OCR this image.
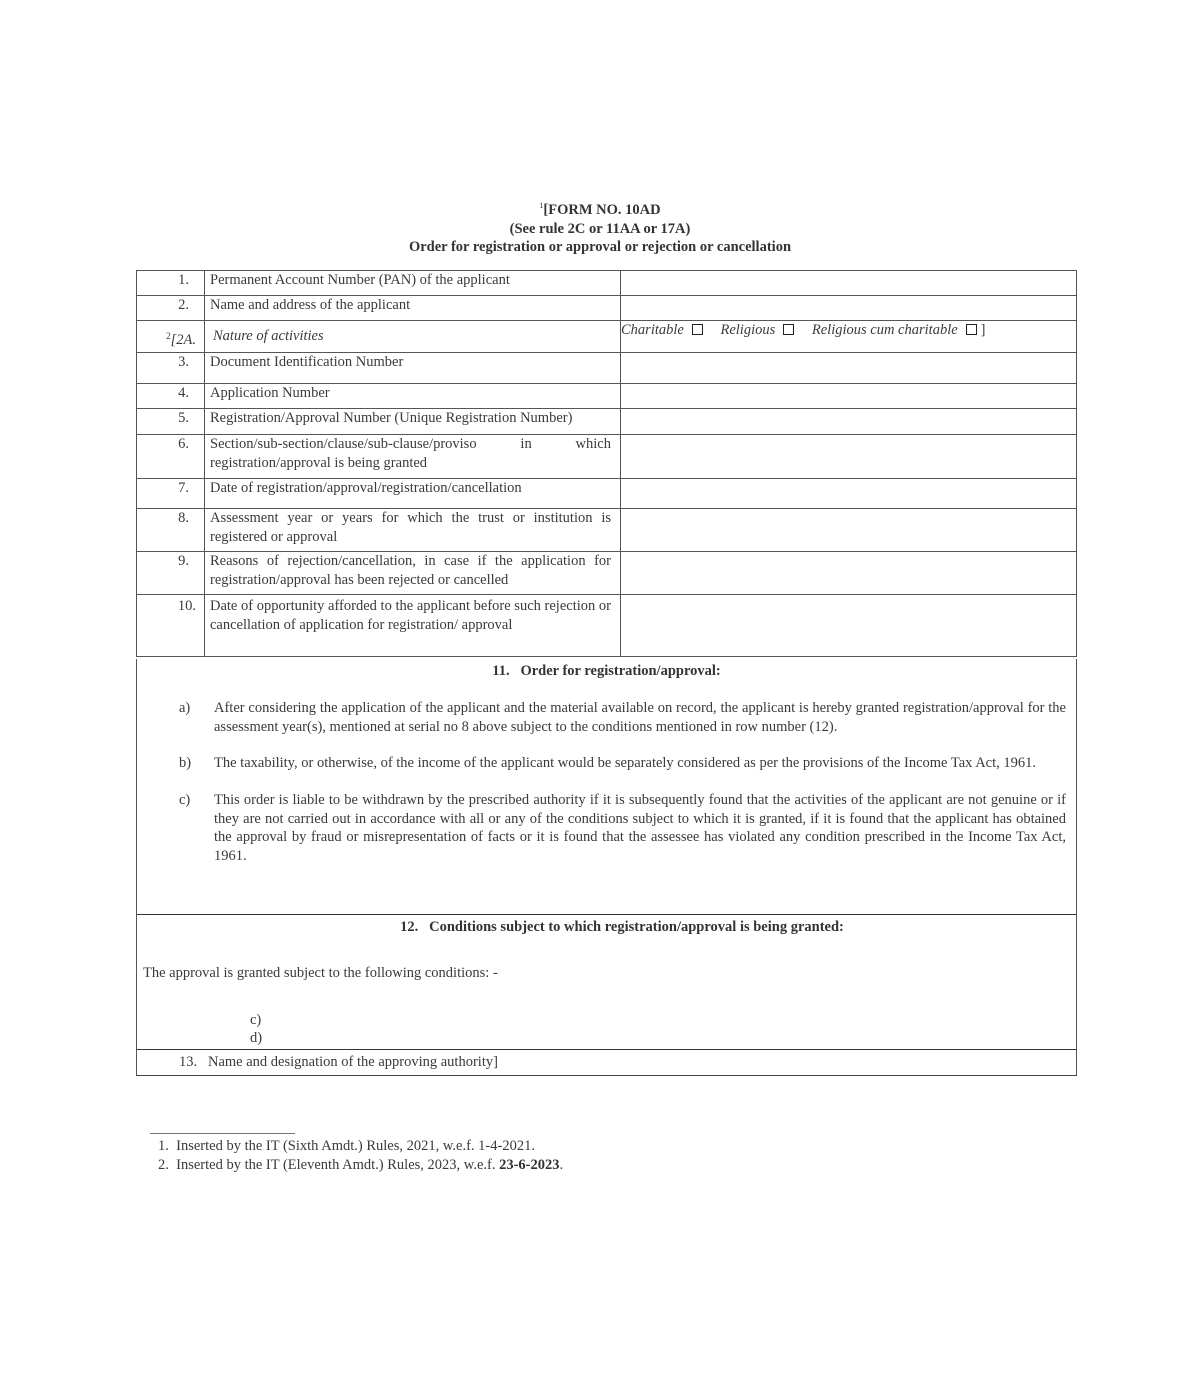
$^1$[FORM NO. 10AD
(See rule 2C or 11AA or 17A)
Order for registration or approval or rejection or cancellation
1.	Permanent Account Number (PAN) of the applicant	
2.	Name and address of the applicant	
$^2$[2A.	Nature of activities	Charitable Religious Religious cum charitable ]
3.	Document Identification Number	
4.	Application Number	
5.	Registration/Approval Number (Unique Registration Number)	
6.	Section/sub-section/clause/sub-clause/proviso in which registration/approval is being granted	
7.	Date of registration/approval/registration/cancellation	
8.	Assessment year or years for which the trust or institution is registered or approval	
9.	Reasons of rejection/cancellation, in case if the application for registration/approval has been rejected or cancelled	
10.	Date of opportunity afforded to the applicant before such rejection or cancellation of application for registration/ approval	
11.   Order for registration/approval:
a)	After considering the application of the applicant and the material available on record, the applicant is hereby granted registration/approval for the assessment year(s), mentioned at serial no 8 above subject to the conditions mentioned in row number (12).
b)	The taxability, or otherwise, of the income of the applicant would be separately considered as per the provisions of the Income Tax Act, 1961.
c)	This order is liable to be withdrawn by the prescribed authority if it is subsequently found that the activities of the applicant are not genuine or if they are not carried out in accordance with all or any of the conditions subject to which it is granted, if it is found that the applicant has obtained the approval by fraud or misrepresentation of facts or it is found that the assessee has violated any condition prescribed in the Income Tax Act, 1961.
12.   Conditions subject to which registration/approval is being granted:
The approval is granted subject to the following conditions: -
c)
d)
13.   Name and designation of the approving authority]
1.  Inserted by the IT (Sixth Amdt.) Rules, 2021, w.e.f. 1-4-2021.
2.  Inserted by the IT (Eleventh Amdt.) Rules, 2023, w.e.f. 23-6-2023.
